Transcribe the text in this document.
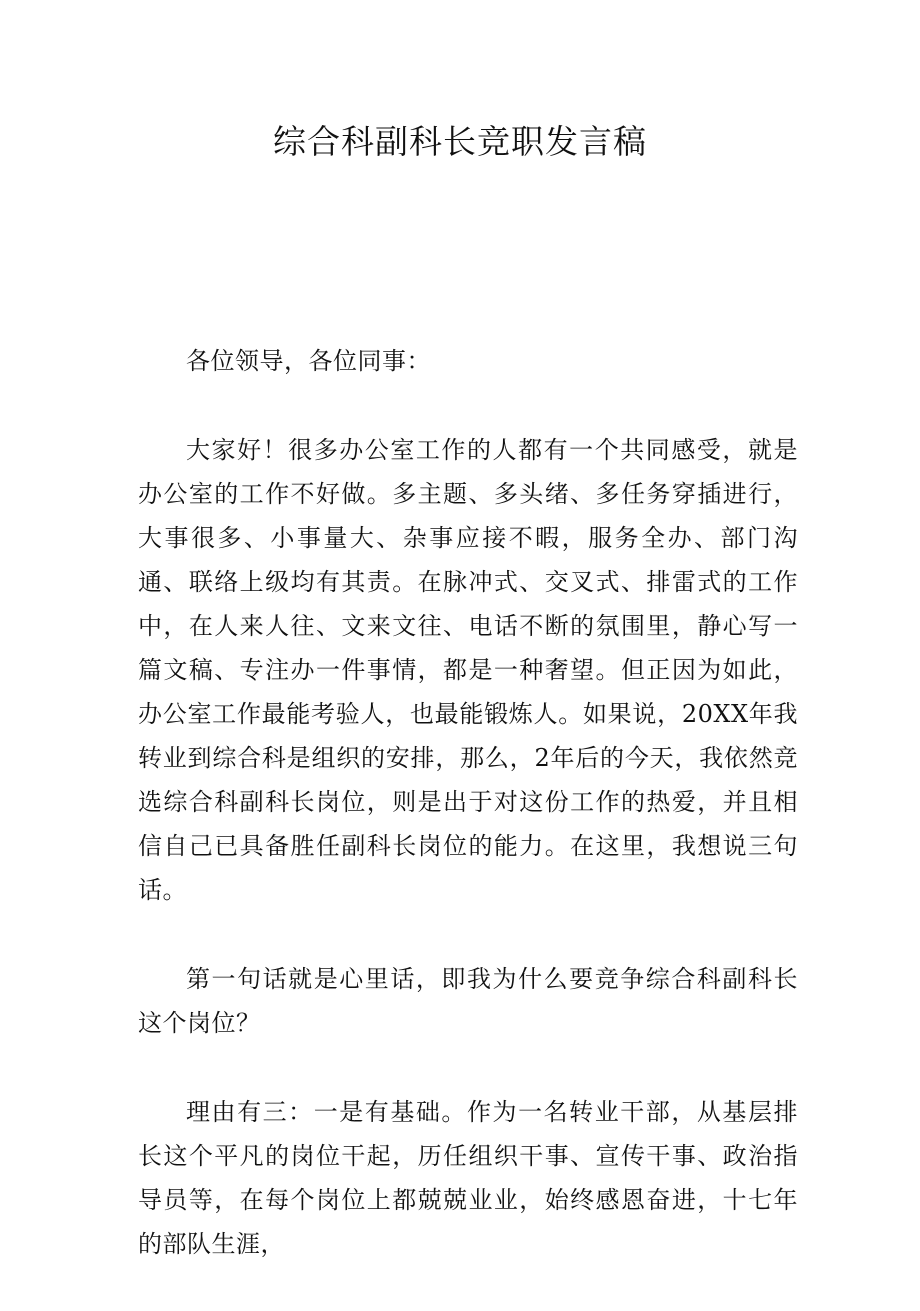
综合科副科长竞职发言稿

各位领导，各位同事：

大家好！很多办公室工作的人都有一个共同感受，就是办公室的工作不好做。多主题、多头绪、多任务穿插进行，大事很多、小事量大、杂事应接不暇，服务全办、部门沟通、联络上级均有其责。在脉冲式、交叉式、排雷式的工作中，在人来人往、文来文往、电话不断的氛围里，静心写一篇文稿、专注办一件事情，都是一种奢望。但正因为如此，办公室工作最能考验人，也最能锻炼人。如果说，20XX年我转业到综合科是组织的安排，那么，2年后的今天，我依然竞选综合科副科长岗位，则是出于对这份工作的热爱，并且相信自己已具备胜任副科长岗位的能力。在这里，我想说三句话。

第一句话就是心里话，即我为什么要竞争综合科副科长这个岗位？

理由有三：一是有基础。作为一名转业干部，从基层排长这个平凡的岗位干起，历任组织干事、宣传干事、政治指导员等，在每个岗位上都兢兢业业，始终感恩奋进，十七年的部队生涯，
